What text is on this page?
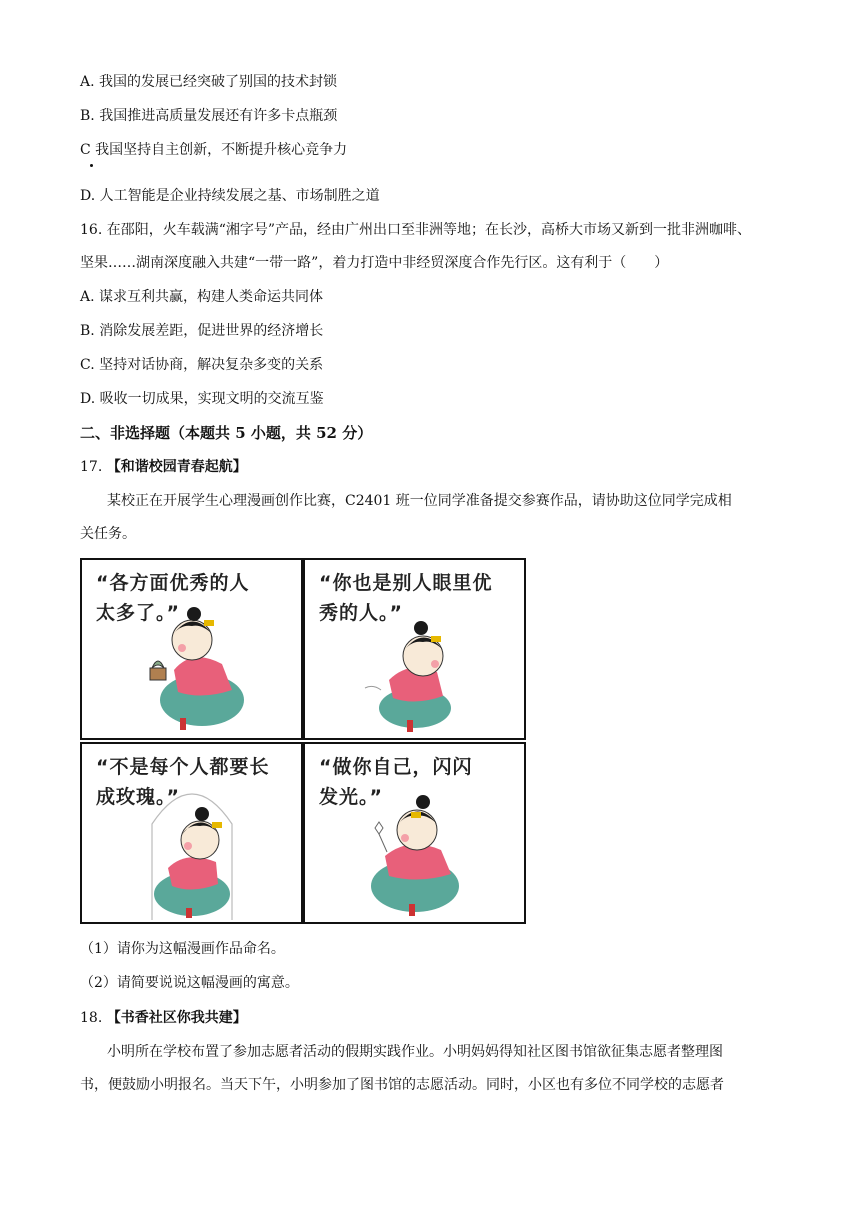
A. 我国的发展已经突破了别国的技术封锁
B. 我国推进高质量发展还有许多卡点瓶颈
C 我国坚持自主创新，不断提升核心竞争力
D. 人工智能是企业持续发展之基、市场制胜之道
16. 在邵阳，火车载满“湘字号”产品，经由广州出口至非洲等地；在长沙，高桥大市场又新到一批非洲咖啡、
坚果……湖南深度融入共建“一带一路”，着力打造中非经贸深度合作先行区。这有利于（　　）
A. 谋求互利共赢，构建人类命运共同体
B. 消除发展差距，促进世界的经济增长
C. 坚持对话协商，解决复杂多变的关系
D. 吸收一切成果，实现文明的交流互鉴
二、非选择题（本题共 5 小题，共 52 分）
17. 【和谐校园青春起航】
某校正在开展学生心理漫画创作比赛，C2401 班一位同学准备提交参赛作品，请协助这位同学完成相
关任务。
“各方面优秀的人
太多了。”
“你也是别人眼里优
秀的人。”
“不是每个人都要长
成玫瑰。”
“做你自己，闪闪
发光。”
（1）请你为这幅漫画作品命名。
（2）请简要说说这幅漫画的寓意。
18. 【书香社区你我共建】
小明所在学校布置了参加志愿者活动的假期实践作业。小明妈妈得知社区图书馆欲征集志愿者整理图
书，便鼓励小明报名。当天下午，小明参加了图书馆的志愿活动。同时，小区也有多位不同学校的志愿者
